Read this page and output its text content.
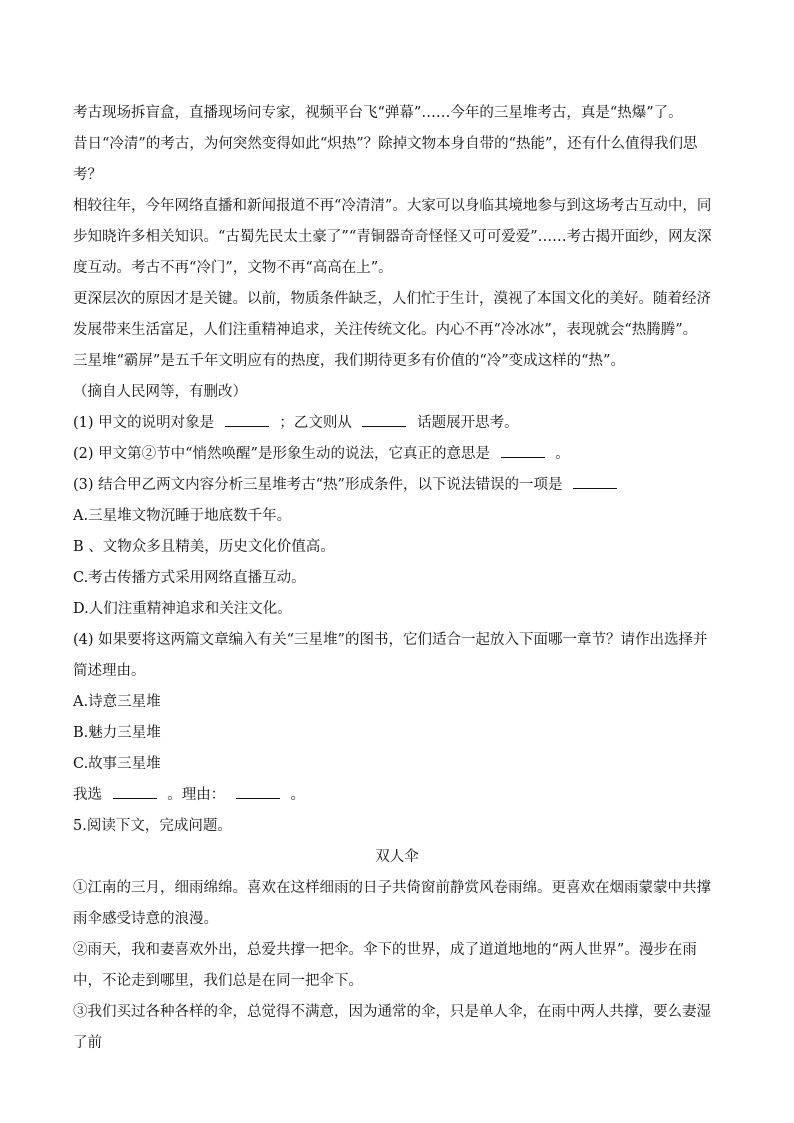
考古现场拆盲盒，直播现场问专家，视频平台飞“弹幕”……今年的三星堆考古，真是“热爆”了。

昔日“冷清”的考古，为何突然变得如此“炽热”？除掉文物本身自带的“热能”，还有什么值得我们思考？

相较往年，今年网络直播和新闻报道不再“冷清清”。大家可以身临其境地参与到这场考古互动中，同步知晓许多相关知识。“古蜀先民太土豪了”“青铜器奇奇怪怪又可可爱爱”……考古揭开面纱，网友深度互动。考古不再“冷门”，文物不再“高高在上”。

更深层次的原因才是关键。以前，物质条件缺乏，人们忙于生计，漠视了本国文化的美好。随着经济发展带来生活富足，人们注重精神追求，关注传统文化。内心不再“冷冰冰”，表现就会“热腾腾”。

三星堆“霸屏”是五千年文明应有的热度，我们期待更多有价值的“冷”变成这样的“热”。

（摘自人民网等，有删改）

(1) 甲文的说明对象是	；乙文则从	话题展开思考。

(2) 甲文第②节中“悄然唤醒”是形象生动的说法，它真正的意思是	。

(3) 结合甲乙两文内容分析三星堆考古“热”形成条件，以下说法错误的一项是

A.三星堆文物沉睡于地底数千年。

B 、文物众多且精美，历史文化价值高。

C.考古传播方式采用网络直播互动。

D.人们注重精神追求和关注文化。

(4) 如果要将这两篇文章编入有关“三星堆”的图书，它们适合一起放入下面哪一章节？请作出选择并简述理由。

A.诗意三星堆

B.魅力三星堆

C.故事三星堆

我选	。理由：	。

5.阅读下文，完成问题。

双人伞

①江南的三月，细雨绵绵。喜欢在这样细雨的日子共倚窗前静赏风卷雨绵。更喜欢在烟雨蒙蒙中共撑雨伞感受诗意的浪漫。

②雨天，我和妻喜欢外出，总爱共撑一把伞。伞下的世界，成了道道地地的“两人世界”。漫步在雨中，不论走到哪里，我们总是在同一把伞下。

③我们买过各种各样的伞，总觉得不满意，因为通常的伞，只是单人伞，在雨中两人共撑，要么妻湿了前
